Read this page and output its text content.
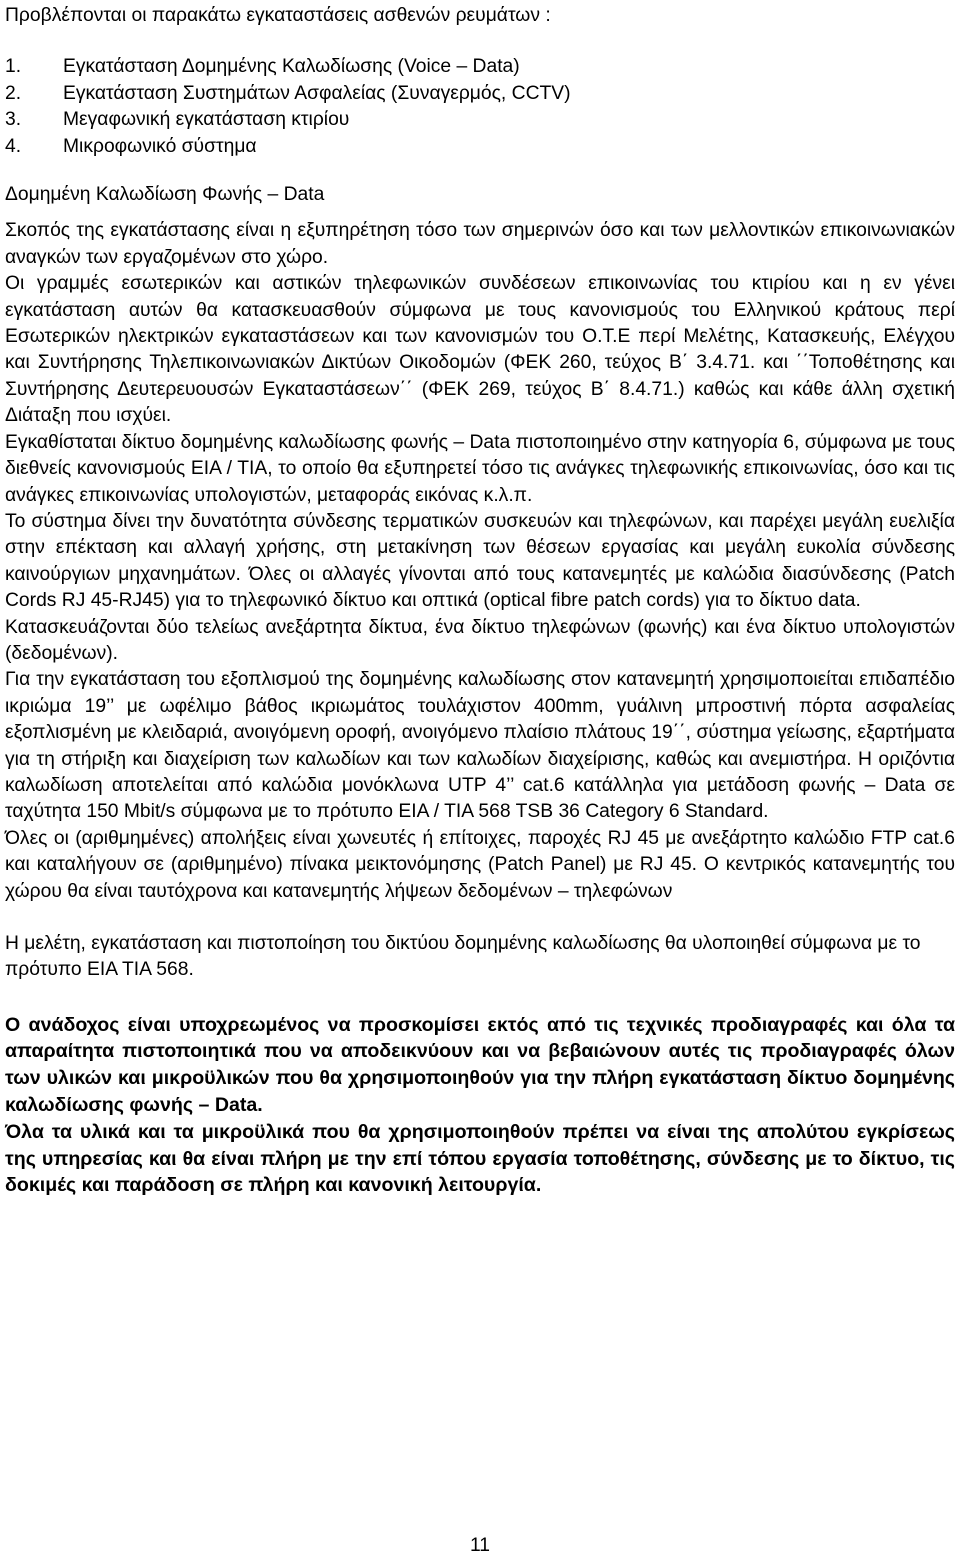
Προβλέπονται οι παρακάτω εγκαταστάσεις ασθενών ρευμάτων :

1.	Εγκατάσταση Δομημένης Καλωδίωσης (Voice – Data)
2.	Εγκατάσταση Συστημάτων Ασφαλείας (Συναγερμός, CCTV)
3.	Μεγαφωνική εγκατάσταση κτιρίου
4.	Μικροφωνικό σύστημα

Δομημένη Καλωδίωση Φωνής – Data

Σκοπός της εγκατάστασης είναι η εξυπηρέτηση τόσο των σημερινών όσο και των μελλοντικών επικοινωνιακών αναγκών των εργαζομένων στο χώρο.

Οι γραμμές εσωτερικών και αστικών τηλεφωνικών συνδέσεων επικοινωνίας του κτιρίου και η εν γένει εγκατάσταση αυτών θα κατασκευασθούν σύμφωνα με τους κανονισμούς του Ελληνικού κράτους περί Εσωτερικών ηλεκτρικών εγκαταστάσεων και των κανονισμών του Ο.Τ.Ε περί Μελέτης, Κατασκευής, Ελέγχου και Συντήρησης Τηλεπικοινωνιακών Δικτύων Οικοδομών (ΦΕΚ 260, τεύχος Β΄ 3.4.71. και ΄΄Τοποθέτησης και Συντήρησης Δευτερευουσών Εγκαταστάσεων΄΄ (ΦΕΚ 269, τεύχος Β΄ 8.4.71.) καθώς και κάθε άλλη σχετική Διάταξη που ισχύει.

Εγκαθίσταται δίκτυο δομημένης καλωδίωσης φωνής – Data πιστοποιημένο στην κατηγορία 6, σύμφωνα με τους διεθνείς κανονισμούς EIA / TIA, το οποίο θα εξυπηρετεί τόσο τις ανάγκες τηλεφωνικής επικοινωνίας, όσο και τις ανάγκες επικοινωνίας υπολογιστών, μεταφοράς εικόνας κ.λ.π.

Το σύστημα δίνει την δυνατότητα σύνδεσης τερματικών συσκευών και τηλεφώνων, και παρέχει μεγάλη ευελιξία στην επέκταση και αλλαγή χρήσης, στη μετακίνηση των θέσεων εργασίας και μεγάλη ευκολία σύνδεσης καινούργιων μηχανημάτων. Όλες οι αλλαγές γίνονται από τους κατανεμητές με καλώδια διασύνδεσης (Patch Cords RJ 45-RJ45) για το τηλεφωνικό δίκτυο και οπτικά (optical fibre patch cords) για το δίκτυο data.

Κατασκευάζονται δύο τελείως ανεξάρτητα δίκτυα, ένα δίκτυο τηλεφώνων (φωνής) και ένα δίκτυο υπολογιστών (δεδομένων).

Για την εγκατάσταση του εξοπλισμού της δομημένης καλωδίωσης στον κατανεμητή χρησιμοποιείται επιδαπέδιο ικριώμα 19’’ με ωφέλιμο βάθος ικριωμάτος τουλάχιστον 400mm, γυάλινη μπροστινή πόρτα ασφαλείας εξοπλισμένη με κλειδαριά, ανοιγόμενη οροφή, ανοιγόμενο πλαίσιο πλάτους 19΄΄, σύστημα γείωσης, εξαρτήματα για τη στήριξη και διαχείριση των καλωδίων και των καλωδίων διαχείρισης, καθώς και ανεμιστήρα. Η οριζόντια καλωδίωση αποτελείται από καλώδια μονόκλωνα UTP 4’’ cat.6 κατάλληλα για μετάδοση φωνής – Data σε ταχύτητα 150 Mbit/s σύμφωνα με το πρότυπο EIA / TIA 568 TSB 36 Category 6 Standard.

Όλες οι (αριθμημένες) απολήξεις είναι χωνευτές ή επίτοιχες, παροχές RJ 45 με ανεξάρτητο καλώδιο FTP cat.6 και καταλήγουν σε (αριθμημένο) πίνακα μεικτονόμησης (Patch Panel) με RJ 45. Ο κεντρικός κατανεμητής του χώρου θα είναι ταυτόχρονα και κατανεμητής λήψεων δεδομένων – τηλεφώνων

Η μελέτη, εγκατάσταση και πιστοποίηση του δικτύου δομημένης καλωδίωσης θα υλοποιηθεί σύμφωνα με το πρότυπο EIA TIA 568.

Ο ανάδοχος είναι υποχρεωμένος να προσκομίσει εκτός από τις τεχνικές προδιαγραφές και όλα τα απαραίτητα πιστοποιητικά που να αποδεικνύουν και να βεβαιώνουν αυτές τις προδιαγραφές όλων των υλικών και μικροϋλικών που θα χρησιμοποιηθούν για την πλήρη εγκατάσταση δίκτυο δομημένης καλωδίωσης φωνής – Data.

Όλα τα υλικά και τα μικροϋλικά που θα χρησιμοποιηθούν πρέπει να είναι της απολύτου εγκρίσεως της υπηρεσίας και θα είναι πλήρη με την επί τόπου εργασία τοποθέτησης, σύνδεσης με το δίκτυο, τις δοκιμές και παράδοση σε πλήρη και κανονική λειτουργία.

11
